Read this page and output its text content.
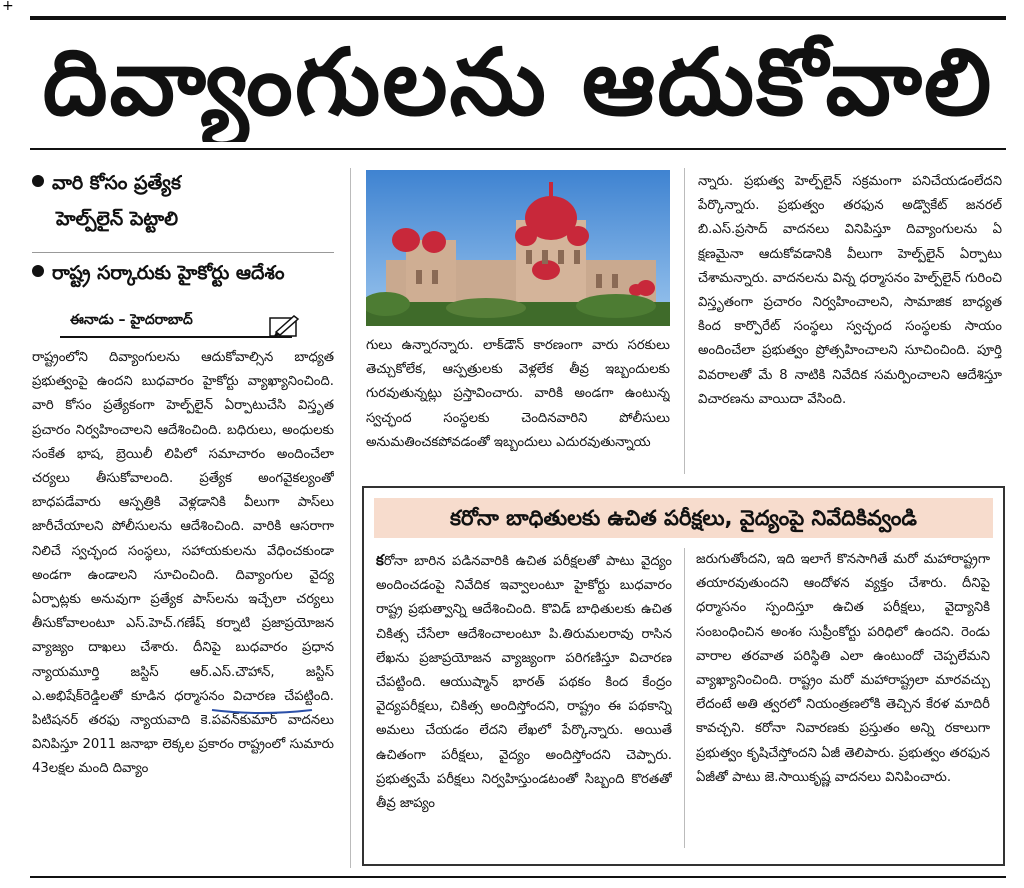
+
దివ్యాంగులను ఆదుకోవాలి
వారి కోసం ప్రత్యేక
హెల్ప్‌లైన్ పెట్టాలి
రాష్ట్ర సర్కారుకు హైకోర్టు ఆదేశం
ఈనాడు – హైదరాబాద్

రాష్ట్రంలోని దివ్యాంగులను ఆదుకోవాల్సిన బాధ్యత ప్రభుత్వంపై ఉందని బుధవారం హైకోర్టు వ్యాఖ్యానించింది. వారి కోసం ప్రత్యేకంగా హెల్ప్‌లైన్ ఏర్పాటుచేసి విస్తృత ప్రచారం నిర్వహించాలని ఆదేశించింది. బధిరులు, అంధులకు సంకేత భాష, బ్రెయిలీ లిపిలో సమాచారం అందించేలా చర్యలు తీసుకోవాలంది. ప్రత్యేక అంగవైకల్యంతో బాధపడేవారు ఆస్పత్రికి వెళ్లడానికి వీలుగా పాస్‌లు జారీచేయాలని పోలీసులను ఆదేశించింది. వారికి ఆసరాగా నిలిచే స్వచ్ఛంద సంస్థలు, సహాయకులను వేధించకుండా అండగా ఉండాలని సూచించింది. దివ్యాంగుల వైద్య ఏర్పాట్లకు అనువుగా ప్రత్యేక పాస్‌లను ఇచ్చేలా చర్యలు తీసుకోవాలంటూ ఎస్.హెచ్.గణేష్ కర్నాటి ప్రజాప్రయోజన వ్యాజ్యం దాఖలు చేశారు. దీనిపై బుధవారం ప్రధాన న్యాయమూర్తి జస్టిస్ ఆర్.ఎస్.చౌహాన్, జస్టిస్ ఎ.అభిషేక్‌రెడ్డిలతో కూడిన ధర్మాసనం విచారణ చేపట్టింది. పిటిషనర్ తరఫు న్యాయవాది కె.పవన్‌కుమార్ వాదనలు వినిపిస్తూ 2011 జనాభా లెక్కల ప్రకారం రాష్ట్రంలో సుమారు 43లక్షల మంది దివ్యాం

గులు ఉన్నారన్నారు. లాక్‌డౌన్ కారణంగా వారు సరకులు తెచ్చుకోలేక, ఆస్పత్రులకు వెళ్లలేక తీవ్ర ఇబ్బందులకు గురవుతున్నట్లు ప్రస్తావించారు. వారికి అండగా ఉంటున్న స్వచ్ఛంద సంస్థలకు చెందినవారిని పోలీసులు అనుమతించకపోవడంతో ఇబ్బందులు ఎదురవుతున్నాయ

న్నారు. ప్రభుత్వ హెల్ప్‌లైన్ సక్రమంగా పనిచేయడంలేదని పేర్కొన్నారు. ప్రభుత్వం తరఫున అడ్వొకేట్ జనరల్ బి.ఎస్.ప్రసాద్ వాదనలు వినిపిస్తూ దివ్యాంగులను ఏ క్షణమైనా ఆదుకోవడానికి వీలుగా హెల్ప్‌లైన్ ఏర్పాటు చేశామన్నారు. వాదనలను విన్న ధర్మాసనం హెల్ప్‌లైన్ గురించి విస్తృతంగా ప్రచారం నిర్వహించాలని, సామాజిక బాధ్యత కింద కార్పొరేట్ సంస్థలు స్వచ్ఛంద సంస్థలకు సాయం అందించేలా ప్రభుత్వం ప్రోత్సహించాలని సూచించింది. పూర్తి వివరాలతో మే 8 నాటికి నివేదిక సమర్పించాలని ఆదేశిస్తూ విచారణను వాయిదా వేసింది.

కరోనా బాధితులకు ఉచిత పరీక్షలు, వైద్యంపై నివేదికివ్వండి

కరోనా బారిన పడినవారికి ఉచిత పరీక్షలతో పాటు వైద్యం అందించడంపై నివేదిక ఇవ్వాలంటూ హైకోర్టు బుధవారం రాష్ట్ర ప్రభుత్వాన్ని ఆదేశించింది. కొవిడ్ బాధితులకు ఉచిత చికిత్స చేసేలా ఆదేశించాలంటూ పి.తిరుమలరావు రాసిన లేఖను ప్రజాప్రయోజన వ్యాజ్యంగా పరిగణిస్తూ విచారణ చేపట్టింది. ఆయుష్మాన్ భారత్ పథకం కింద కేంద్రం వైద్యపరీక్షలు, చికిత్స అందిస్తోందని, రాష్ట్రం ఈ పథకాన్ని అమలు చేయడం లేదని లేఖలో పేర్కొన్నారు. అయితే ఉచితంగా పరీక్షలు, వైద్యం అందిస్తోందని చెప్పారు. ప్రభుత్వమే పరీక్షలు నిర్వహిస్తుండటంతో సిబ్బంది కొరతతో తీవ్ర జాప్యం

జరుగుతోందని, ఇది ఇలాగే కొనసాగితే మరో మహారాష్ట్రగా తయారవుతుందని ఆందోళన వ్యక్తం చేశారు. దీనిపై ధర్మాసనం స్పందిస్తూ ఉచిత పరీక్షలు, వైద్యానికి సంబంధించిన అంశం సుప్రీంకోర్టు పరిధిలో ఉందని. రెండు వారాల తరవాత పరిస్థితి ఎలా ఉంటుందో చెప్పలేమని వ్యాఖ్యానించింది. రాష్ట్రం మరో మహారాష్ట్రలా మారవచ్చు లేదంటే అతి త్వరలో నియంత్రణలోకి తెచ్చిన కేరళ మాదిరీ కావచ్చని. కరోనా నివారణకు ప్రస్తుతం అన్ని రకాలుగా ప్రభుత్వం కృషిచేస్తోందని ఏజీ తెలిపారు. ప్రభుత్వం తరఫున ఏజీతో పాటు జె.సాయికృష్ణ వాదనలు వినిపించారు.
